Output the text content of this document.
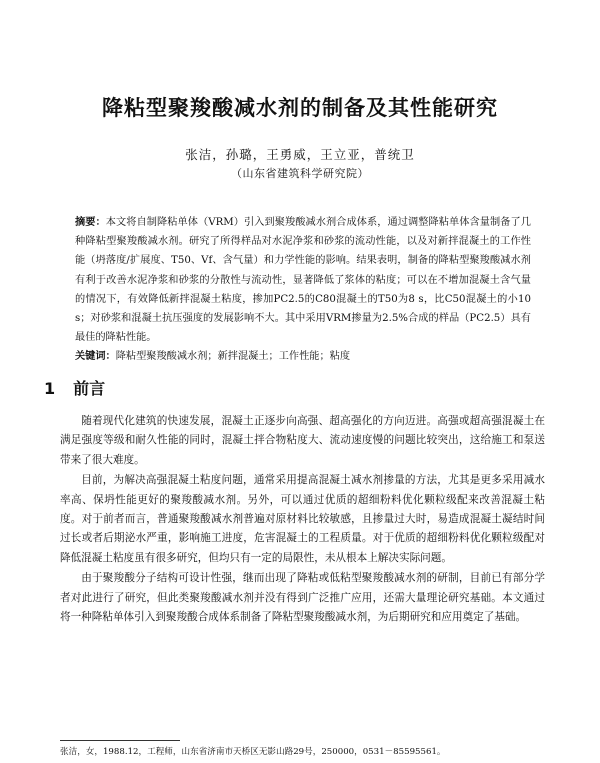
降粘型聚羧酸减水剂的制备及其性能研究
张洁，孙璐，王勇威，王立亚，普统卫
（山东省建筑科学研究院）
摘要：本文将自制降粘单体（VRM）引入到聚羧酸减水剂合成体系，通过调整降粘单体含量制备了几种降粘型聚羧酸减水剂。研究了所得样品对水泥净浆和砂浆的流动性能，以及对新拌混凝土的工作性能（坍落度/扩展度、T50、Vf、含气量）和力学性能的影响。结果表明，制备的降粘型聚羧酸减水剂有利于改善水泥净浆和砂浆的分散性与流动性，显著降低了浆体的粘度；可以在不增加混凝土含气量的情况下，有效降低新拌混凝土粘度，掺加PC2.5的C80混凝土的T50为8 s，比C50混凝土的小10 s；对砂浆和混凝土抗压强度的发展影响不大。其中采用VRM掺量为2.5%合成的样品（PC2.5）具有最佳的降粘性能。
关键词：降粘型聚羧酸减水剂；新拌混凝土；工作性能；粘度
1 前言

随着现代化建筑的快速发展，混凝土正逐步向高强、超高强化的方向迈进。高强或超高强混凝土在满足强度等级和耐久性能的同时，混凝土拌合物粘度大、流动速度慢的问题比较突出，这给施工和泵送带来了很大难度。

目前，为解决高强混凝土粘度问题，通常采用提高混凝土减水剂掺量的方法，尤其是更多采用减水率高、保坍性能更好的聚羧酸减水剂。另外，可以通过优质的超细粉料优化颗粒级配来改善混凝土粘度。对于前者而言，普通聚羧酸减水剂普遍对原材料比较敏感，且掺量过大时，易造成混凝土凝结时间过长或者后期泌水严重，影响施工进度，危害混凝土的工程质量。对于优质的超细粉料优化颗粒级配对降低混凝土粘度虽有很多研究，但均只有一定的局限性，未从根本上解决实际问题。

由于聚羧酸分子结构可设计性强，继而出现了降粘或低粘型聚羧酸减水剂的研制，目前已有部分学者对此进行了研究，但此类聚羧酸减水剂并没有得到广泛推广应用，还需大量理论研究基础。本文通过将一种降粘单体引入到聚羧酸合成体系制备了降粘型聚羧酸减水剂，为后期研究和应用奠定了基础。

张洁，女，1988.12，工程师，山东省济南市天桥区无影山路29号，250000，0531－85595561。
